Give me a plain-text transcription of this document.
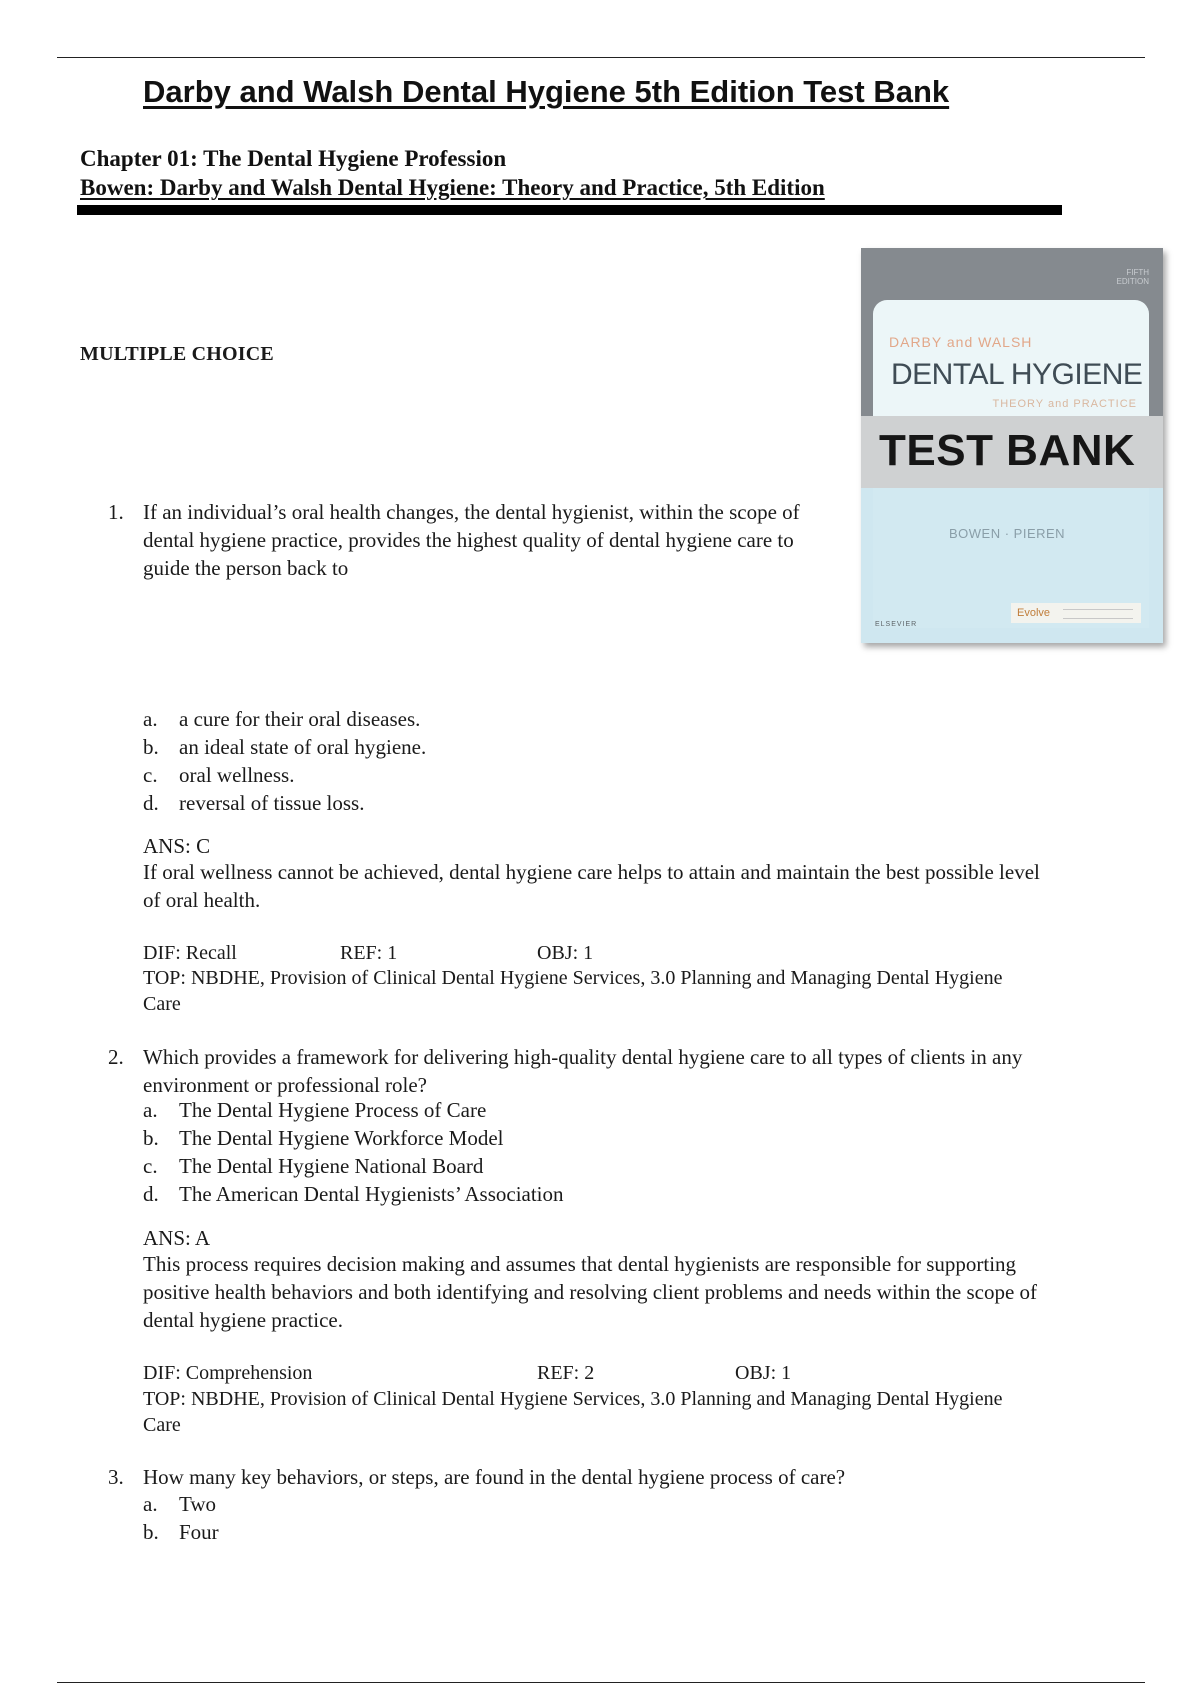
Darby and Walsh Dental Hygiene 5th Edition Test Bank
Chapter 01: The Dental Hygiene Profession
Bowen: Darby and Walsh Dental Hygiene: Theory and Practice, 5th Edition
MULTIPLE CHOICE
FIFTH EDITION
DARBY and WALSH
DENTAL HYGIENE
THEORY and PRACTICE
TEST BANK
BOWEN · PIEREN
Evolve
ELSEVIER
1. If an individual’s oral health changes, the dental hygienist, within the scope of dental hygiene practice, provides the highest quality of dental hygiene care to guide the person back to
a. a cure for their oral diseases.
b. an ideal state of oral hygiene.
c. oral wellness.
d. reversal of tissue loss.
ANS: C
If oral wellness cannot be achieved, dental hygiene care helps to attain and maintain the best possible level of oral health.
DIF: Recall	REF: 1	OBJ: 1
TOP: NBDHE, Provision of Clinical Dental Hygiene Services, 3.0 Planning and Managing Dental Hygiene Care
2. Which provides a framework for delivering high-quality dental hygiene care to all types of clients in any environment or professional role?
a. The Dental Hygiene Process of Care
b. The Dental Hygiene Workforce Model
c. The Dental Hygiene National Board
d. The American Dental Hygienists’ Association
ANS: A
This process requires decision making and assumes that dental hygienists are responsible for supporting positive health behaviors and both identifying and resolving client problems and needs within the scope of dental hygiene practice.
DIF: Comprehension	REF: 2	OBJ: 1
TOP: NBDHE, Provision of Clinical Dental Hygiene Services, 3.0 Planning and Managing Dental Hygiene Care
3. How many key behaviors, or steps, are found in the dental hygiene process of care?
a. Two
b. Four
